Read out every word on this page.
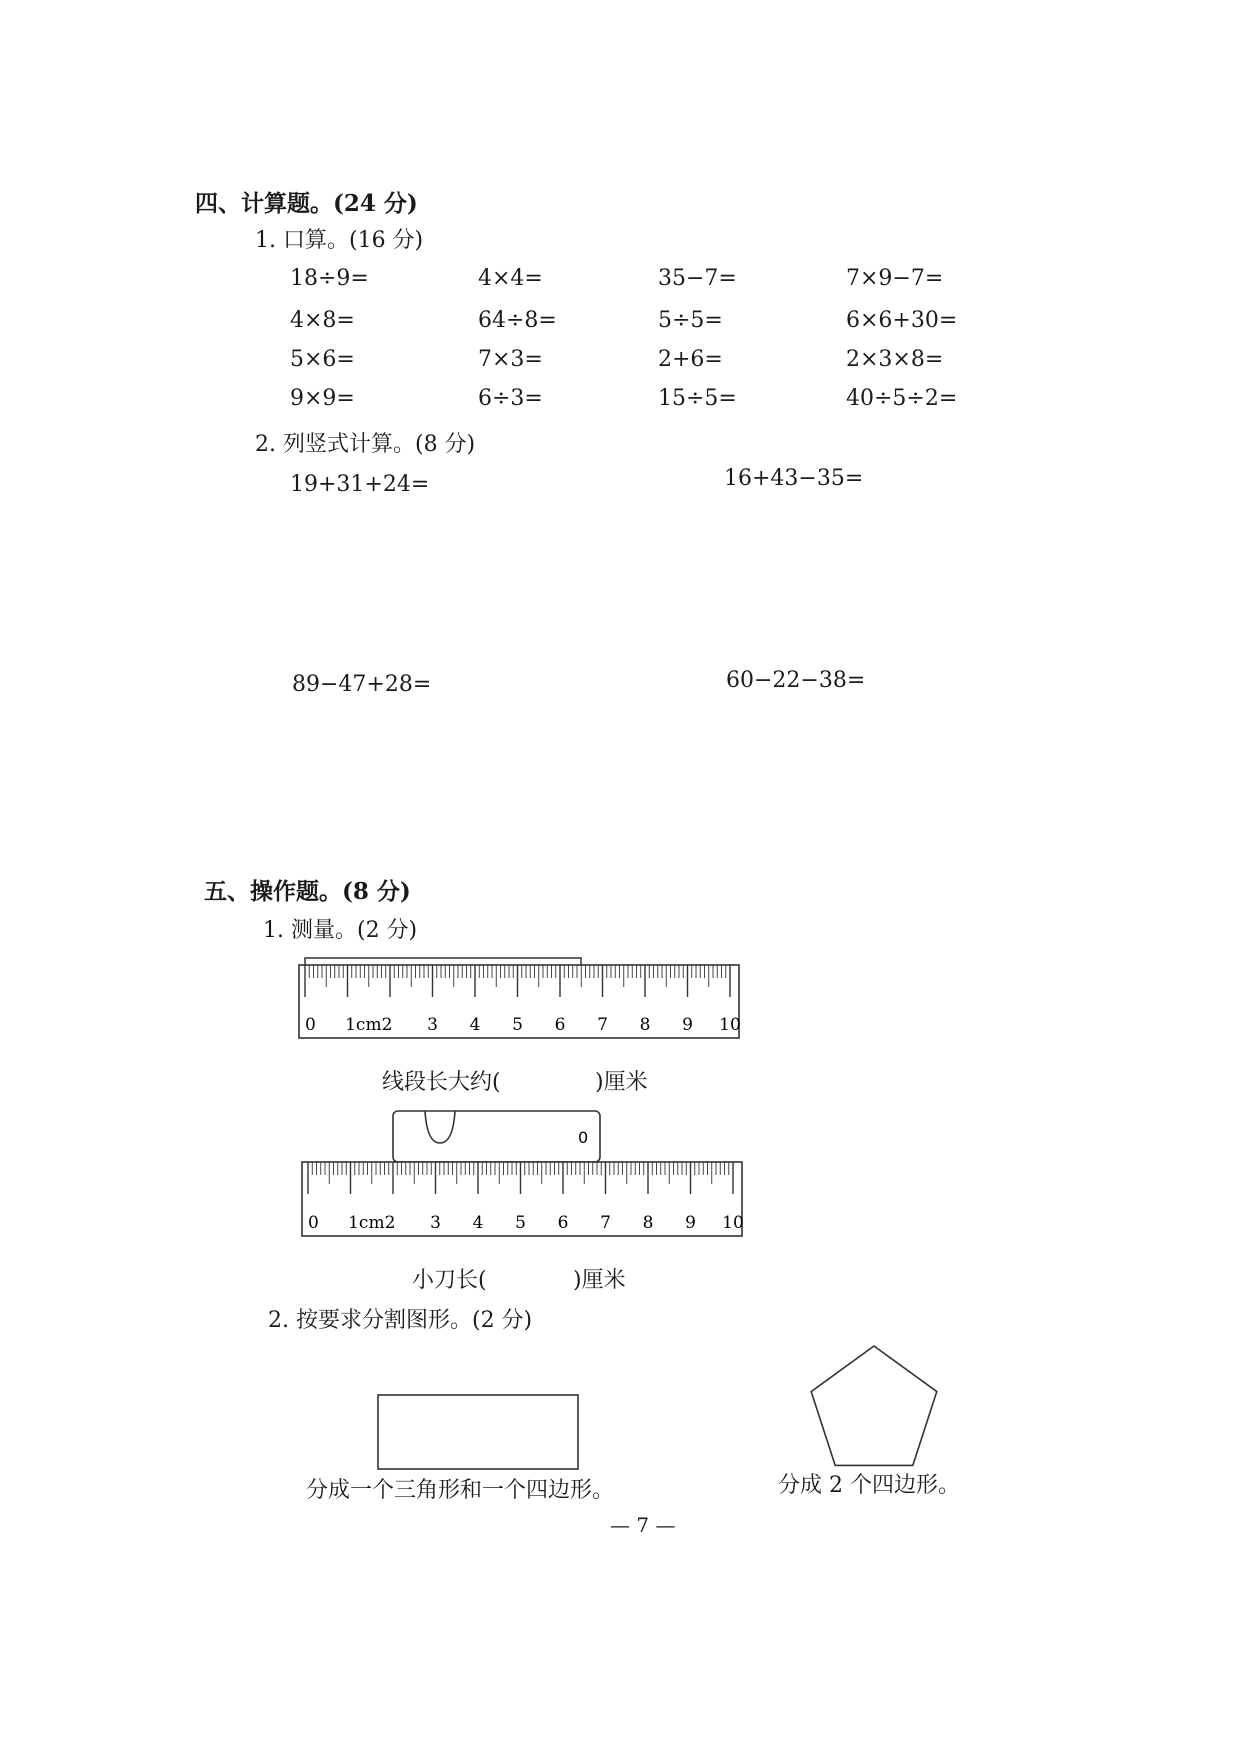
四、计算题。(24 分)
1. 口算。(16 分)
18÷9=	4×4=	35−7=	7×9−7=
4×8=	64÷8=	5÷5=	6×6+30=
5×6=	7×3=	2+6=	2×3×8=
9×9=	6÷3=	15÷5=	40÷5÷2=
2. 列竖式计算。(8 分)
19+31+24=	16+43−35=
89−47+28=	60−22−38=
五、操作题。(8 分)
1. 测量。(2 分)
0 1cm2 3 4 5 6 7 8 9 10
0
0 1cm2 3 4 5 6 7 8 9 10
线段长大约(	)厘米
小刀长(	)厘米
2. 按要求分割图形。(2 分)
分成一个三角形和一个四边形。	分成 2 个四边形。
— 7 —
